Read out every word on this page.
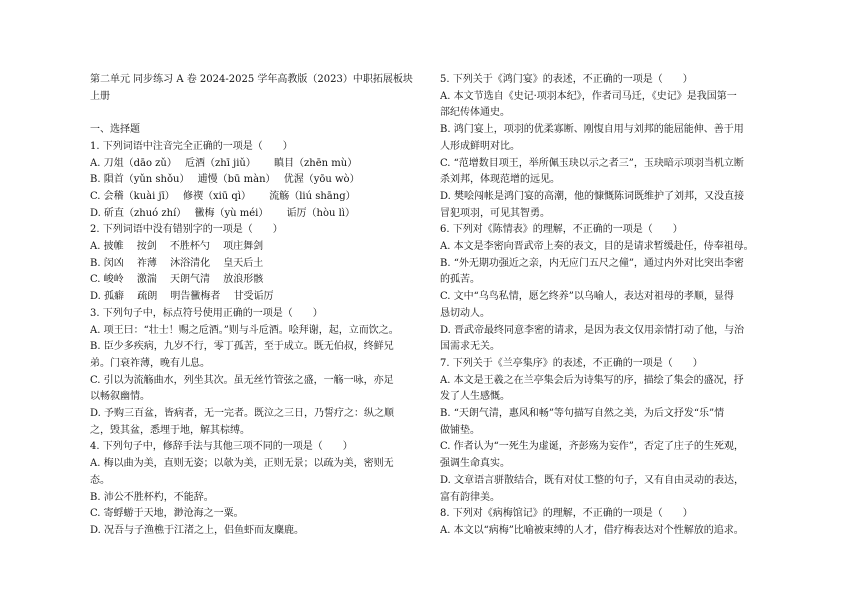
第二单元 同步练习 A 卷 2024-2025 学年高教版（2023）中职拓展板块
上册
一、选择题
1. 下列词语中注音完全正确的一项是（　　）
A. 刀俎（dāo zǔ）　 卮酒（zhī jiǔ）　　 瞋目（zhēn mù）
B. 隕首（yǔn shǒu）　 逋慢（bū màn）　 优渥（yōu wò）
C. 会稽（kuài jī）　 修禊（xiū qì）　　 流觞（liú shāng）
D. 斫直（zhuó zhí）　 黴梅（yù méi）　　 诟厉（hòu lì）
2. 下列词语中没有错别字的一项是（　　）
A. 披帷　 按剑　 不胜杯勺　 项庄舞剑
B. 闵凶　 祚薄　 沐浴清化　 皇天后土
C. 峻岭　 激湍　 天朗气清　 放浪形骸
D. 孤癖　 疏朗　 明告黴梅者　 甘受诟厉
3. 下列句子中，标点符号使用正确的一项是（　　）
A. 项王曰：“壮士！赐之卮酒。”则与斗卮酒。哙拜谢，起，立而饮之。
B. 臣少多疾病，九岁不行，零丁孤苦，至于成立。既无伯叔，终鲜兄
弟。门衰祚薄，晚有儿息。
C. 引以为流觞曲水，列坐其次。虽无丝竹管弦之盛，一觞一咏，亦足
以畅叙幽情。
D. 予购三百盆，皆病者，无一完者。既泣之三日，乃誓疗之：纵之顺
之，毁其盆，悉埋于地，解其棕缚。
4. 下列句子中，修辞手法与其他三项不同的一项是（　　）
A. 梅以曲为美，直则无姿；以欹为美，正则无景；以疏为美，密则无
态。
B. 沛公不胜杯杓，不能辞。
C. 寄蜉蝣于天地，渺沧海之一粟。
D. 况吾与子渔樵于江渚之上，侣鱼虾而友麋鹿。
5. 下列关于《鸿门宴》的表述，不正确的一项是（　　）
A. 本文节选自《史记·项羽本纪》，作者司马迁，《史记》是我国第一
部纪传体通史。
B. 鸿门宴上，项羽的优柔寡断、刚愎自用与刘邦的能屈能伸、善于用
人形成鲜明对比。
C. “范增数目项王，举所佩玉玦以示之者三”，玉玦暗示项羽当机立断
杀刘邦，体现范增的远见。
D. 樊哙闯帐是鸿门宴的高潮，他的慷慨陈词既维护了刘邦，又没直接
冒犯项羽，可见其智勇。
6. 下列对《陈情表》的理解，不正确的一项是（　　）
A. 本文是李密向晋武帝上奏的表文，目的是请求暂缓赴任，侍奉祖母。
B. “外无期功强近之亲，内无应门五尺之僮”，通过内外对比突出李密
的孤苦。
C. 文中“乌鸟私情，愿乞终养”以乌喻人，表达对祖母的孝顺，显得
恳切动人。
D. 晋武帝最终同意李密的请求，是因为表文仅用亲情打动了他，与治
国需求无关。
7. 下列关于《兰亭集序》的表述，不正确的一项是（　　）
A. 本文是王羲之在兰亭集会后为诗集写的序，描绘了集会的盛况，抒
发了人生感慨。
B. “天朗气清，惠风和畅”等句描写自然之美，为后文抒发“乐”情
做铺垫。
C. 作者认为“一死生为虚诞，齐彭殇为妄作”，否定了庄子的生死观，
强调生命真实。
D. 文章语言骈散结合，既有对仗工整的句子，又有自由灵动的表达，
富有韵律美。
8. 下列对《病梅馆记》的理解，不正确的一项是（　　）
A. 本文以“病梅”比喻被束缚的人才，借疗梅表达对个性解放的追求。
